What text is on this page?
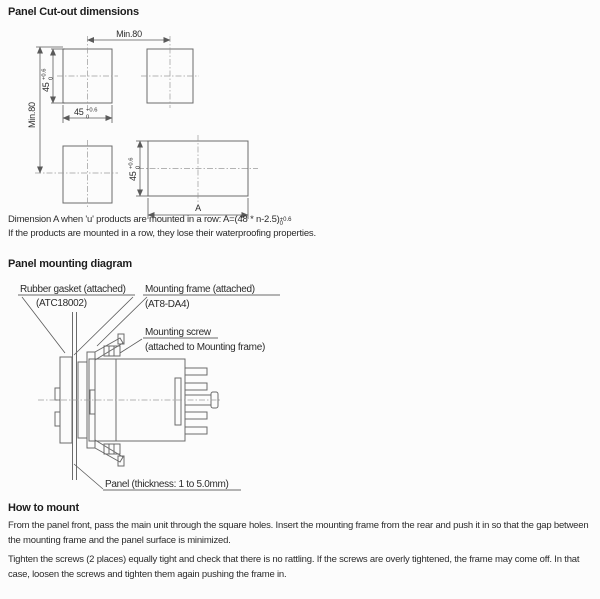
Panel Cut-out dimensions
Min.80
45 +0.6 0
45 +0.6 0
Min.80
45 +0.6 0
A
Dimension A when 'u' products are mounted in a row: A=(48 * n-2.5) +0.6
0
If the products are mounted in a row, they lose their waterproofing properties.
Panel mounting diagram
Rubber gasket (attached)
(ATC18002)
Mounting frame (attached)
(AT8-DA4)
Mounting screw
(attached to Mounting frame)
Panel (thickness: 1 to 5.0mm)
How to mount
From the panel front, pass the main unit through the square holes. Insert the mounting frame from the rear and push it in so that the gap between the mounting frame and the panel surface is minimized.
Tighten the screws (2 places) equally tight and check that there is no rattling. If the screws are overly tightened, the frame may come off. In that case, loosen the screws and tighten them again pushing the frame in.
